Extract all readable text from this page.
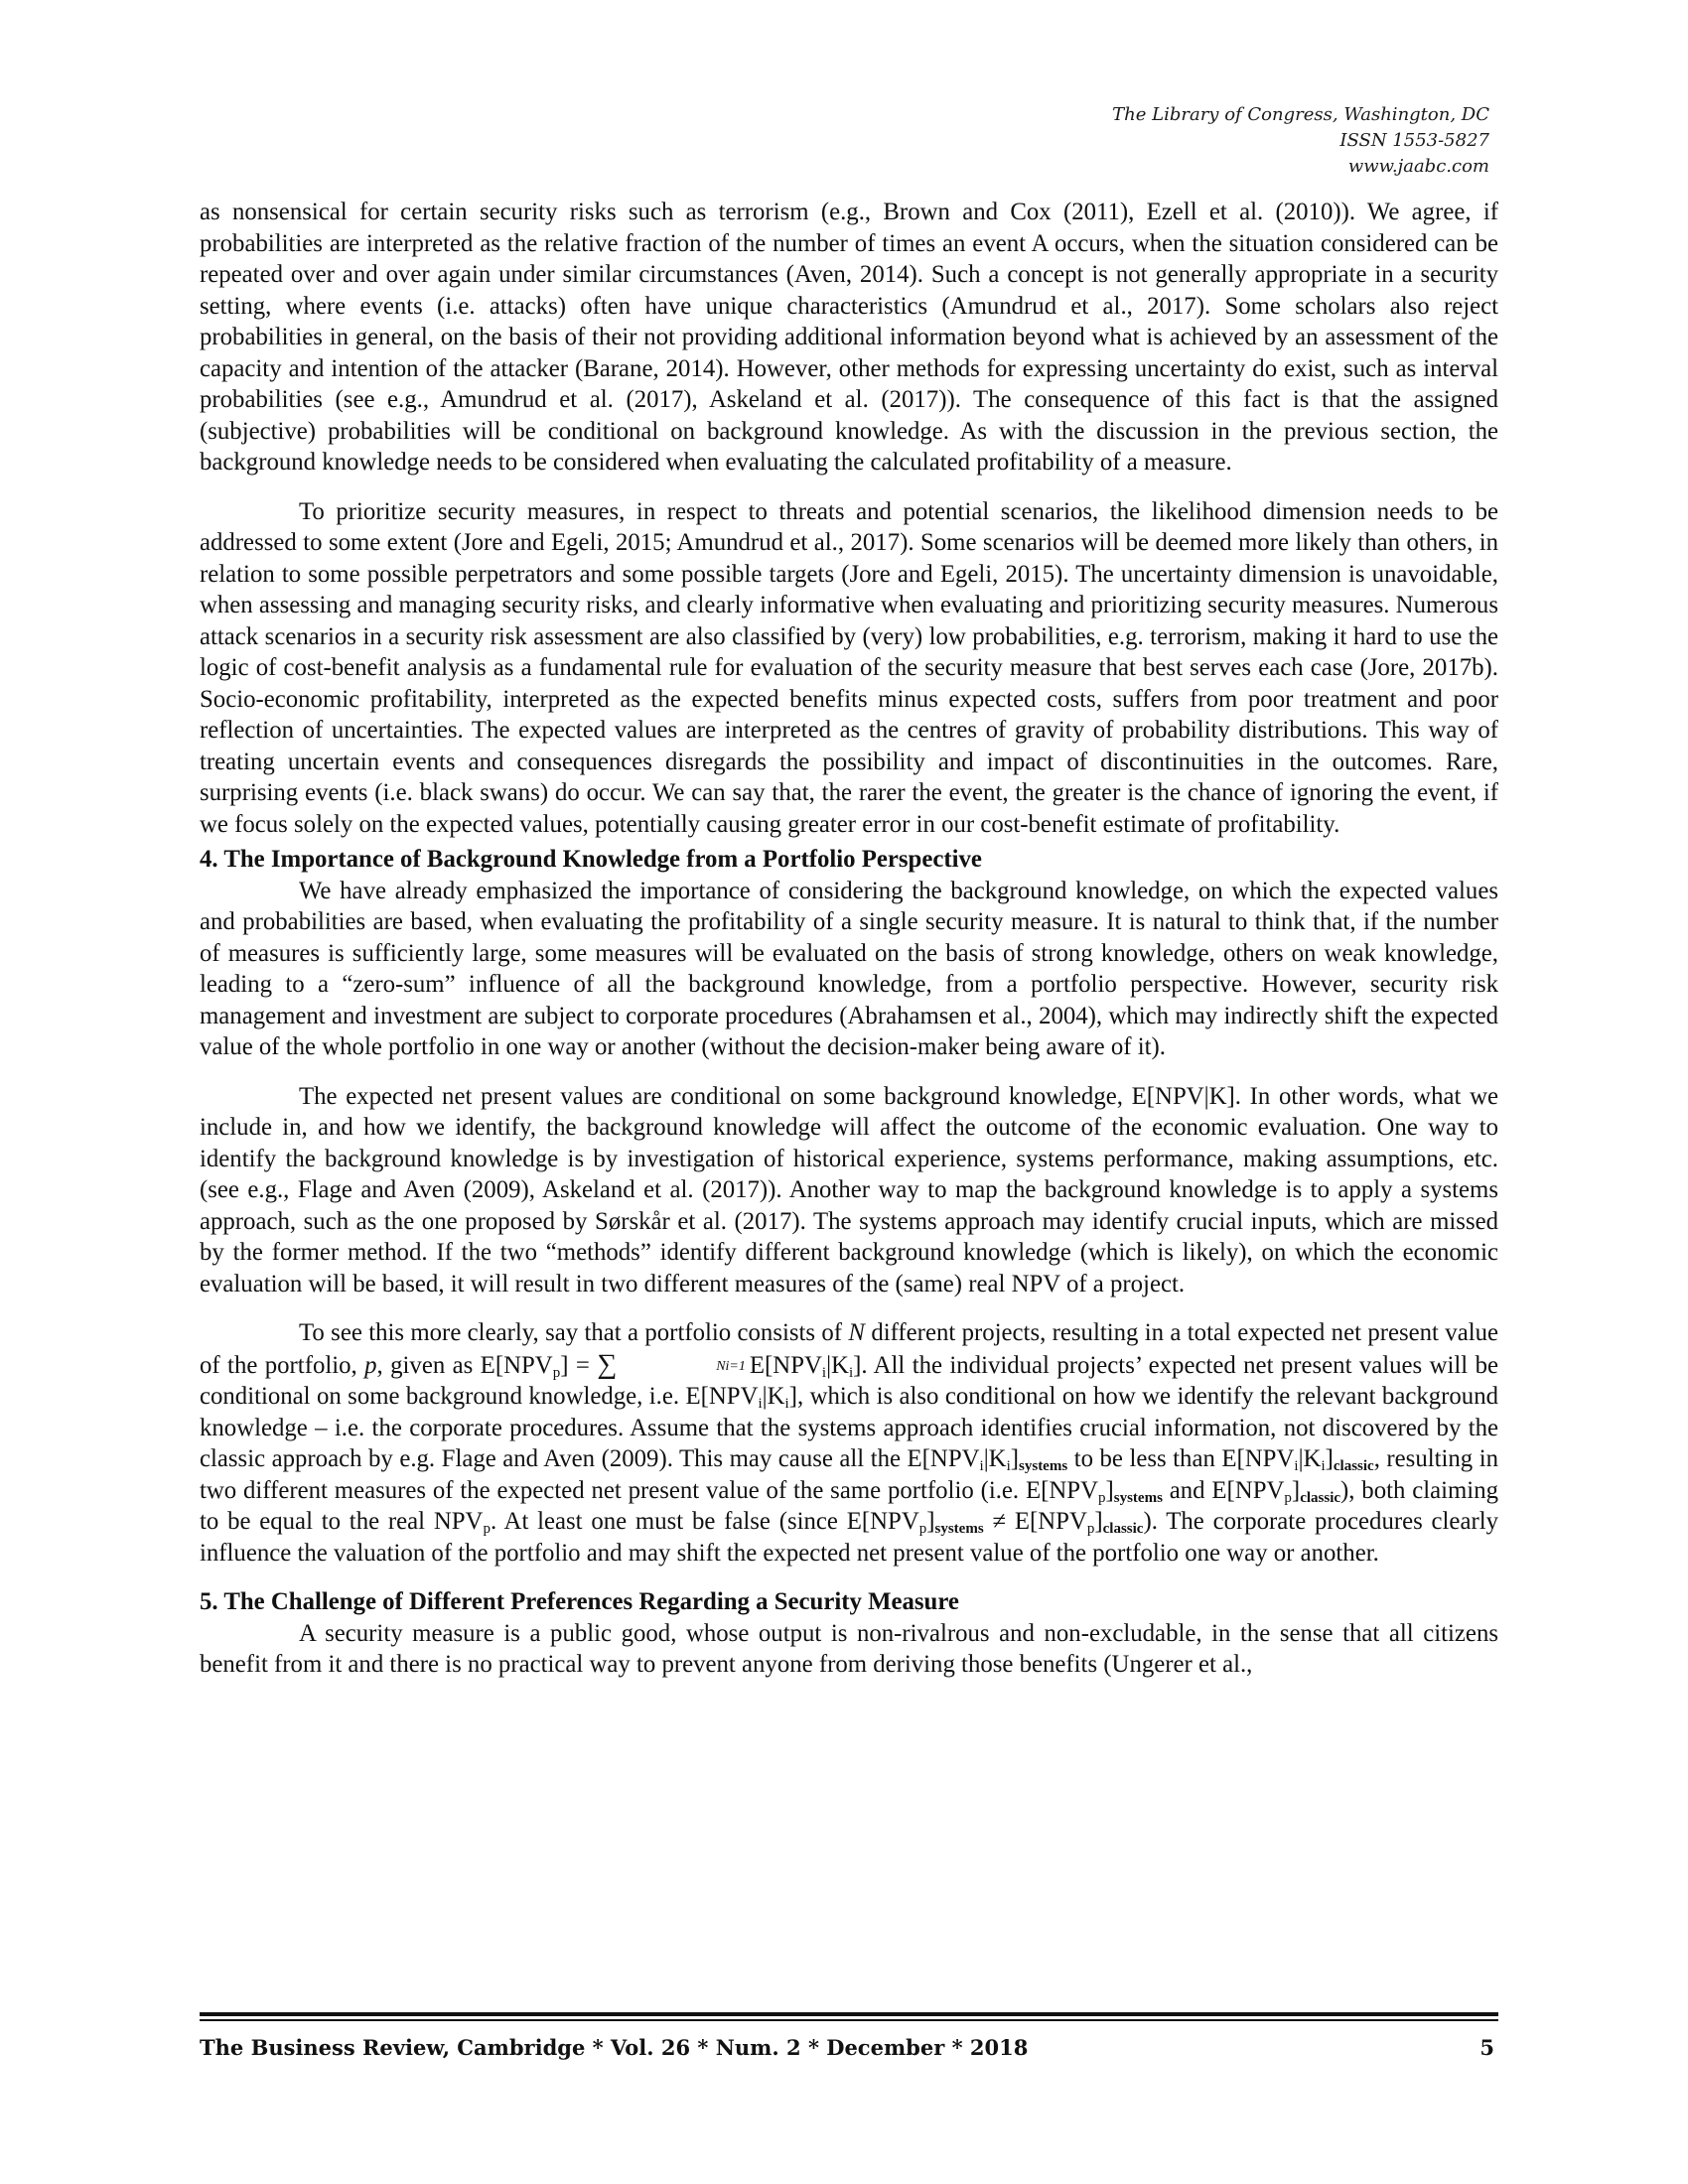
The Library of Congress, Washington, DC
ISSN 1553-5827
www.jaabc.com

as nonsensical for certain security risks such as terrorism (e.g., Brown and Cox (2011), Ezell et al. (2010)). We agree, if probabilities are interpreted as the relative fraction of the number of times an event A occurs, when the situation considered can be repeated over and over again under similar circumstances (Aven, 2014). Such a concept is not generally appropriate in a security setting, where events (i.e. attacks) often have unique characteristics (Amundrud et al., 2017). Some scholars also reject probabilities in general, on the basis of their not providing additional information beyond what is achieved by an assessment of the capacity and intention of the attacker (Barane, 2014). However, other methods for expressing uncertainty do exist, such as interval probabilities (see e.g., Amundrud et al. (2017), Askeland et al. (2017)). The consequence of this fact is that the assigned (subjective) probabilities will be conditional on background knowledge. As with the discussion in the previous section, the background knowledge needs to be considered when evaluating the calculated profitability of a measure.

To prioritize security measures, in respect to threats and potential scenarios, the likelihood dimension needs to be addressed to some extent (Jore and Egeli, 2015; Amundrud et al., 2017). Some scenarios will be deemed more likely than others, in relation to some possible perpetrators and some possible targets (Jore and Egeli, 2015). The uncertainty dimension is unavoidable, when assessing and managing security risks, and clearly informative when evaluating and prioritizing security measures. Numerous attack scenarios in a security risk assessment are also classified by (very) low probabilities, e.g. terrorism, making it hard to use the logic of cost-benefit analysis as a fundamental rule for evaluation of the security measure that best serves each case (Jore, 2017b). Socio-economic profitability, interpreted as the expected benefits minus expected costs, suffers from poor treatment and poor reflection of uncertainties. The expected values are interpreted as the centres of gravity of probability distributions. This way of treating uncertain events and consequences disregards the possibility and impact of discontinuities in the outcomes. Rare, surprising events (i.e. black swans) do occur. We can say that, the rarer the event, the greater is the chance of ignoring the event, if we focus solely on the expected values, potentially causing greater error in our cost-benefit estimate of profitability.

4. The Importance of Background Knowledge from a Portfolio Perspective

We have already emphasized the importance of considering the background knowledge, on which the expected values and probabilities are based, when evaluating the profitability of a single security measure. It is natural to think that, if the number of measures is sufficiently large, some measures will be evaluated on the basis of strong knowledge, others on weak knowledge, leading to a “zero-sum” influence of all the background knowledge, from a portfolio perspective. However, security risk management and investment are subject to corporate procedures (Abrahamsen et al., 2004), which may indirectly shift the expected value of the whole portfolio in one way or another (without the decision-maker being aware of it).

The expected net present values are conditional on some background knowledge, E[NPV|K]. In other words, what we include in, and how we identify, the background knowledge will affect the outcome of the economic evaluation. One way to identify the background knowledge is by investigation of historical experience, systems performance, making assumptions, etc. (see e.g., Flage and Aven (2009), Askeland et al. (2017)). Another way to map the background knowledge is to apply a systems approach, such as the one proposed by Sørskår et al. (2017). The systems approach may identify crucial inputs, which are missed by the former method. If the two “methods” identify different background knowledge (which is likely), on which the economic evaluation will be based, it will result in two different measures of the (same) real NPV of a project.

To see this more clearly, say that a portfolio consists of N different projects, resulting in a total expected net present value of the portfolio, p, given as $E[NPV_p]$ = ∑	Ni=1 $E[NPV_i|K_i]$. All the individual projects’ expected net present values will be conditional on some background knowledge, i.e. $E[NPV_i|K_i]$, which is also conditional on how we identify the relevant background knowledge – i.e. the corporate procedures. Assume that the systems approach identifies crucial information, not discovered by the classic approach by e.g. Flage and Aven (2009). This may cause all the $E[NPV_i|K_i]systems$ to be less than $E[NPV_i|K_i]classic$, resulting in two different measures of the expected net present value of the same portfolio (i.e. $E[NPV_p]systems$ and $E[NPV_p]classic$), both claiming to be equal to the real $NPV_p$. At least one must be false (since $E[NPV_p]systems$ ≠ $E[NPV_p]classic$). The corporate procedures clearly influence the valuation of the portfolio and may shift the expected net present value of the portfolio one way or another.

5. The Challenge of Different Preferences Regarding a Security Measure

A security measure is a public good, whose output is non-rivalrous and non-excludable, in the sense that all citizens benefit from it and there is no practical way to prevent anyone from deriving those benefits (Ungerer et al.,

The Business Review, Cambridge * Vol. 26 * Num. 2 * December * 2018	5
